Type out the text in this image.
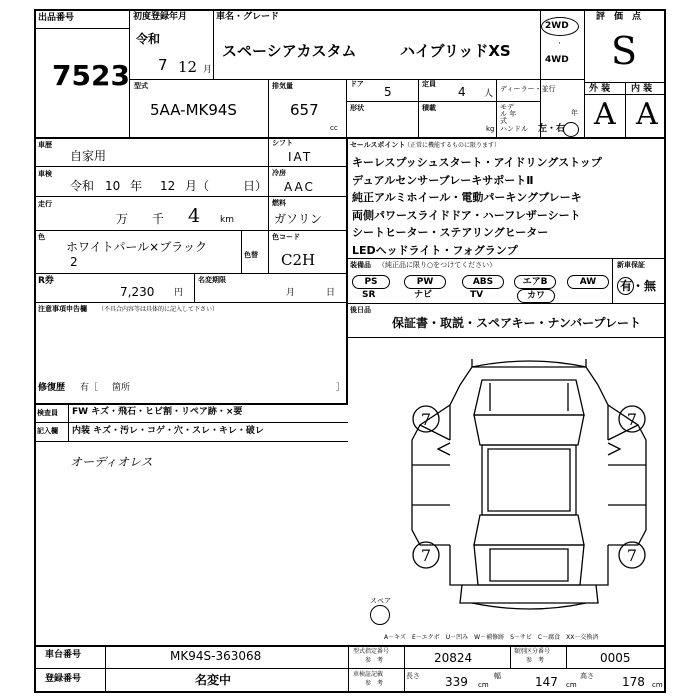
出品番号
7523
初度登録年月
令和
7 12 月
車名・グレード
スペーシアカスタム	ハイブリッドXS
2WD
·
4WD
評　価　点
S
外 装 内 装
A A
型式
5AA-MK94S
排気量
657
cc
ドア
5
定員
4 人
形状	積載
kg
ディーラー・並行
モデル 年式
年
ハンドル 左・右
車歴
自家用
車検
令和 10 年 12 月（	日）
走行
万 千 4 km
シフト
IAT
冷房
AAC
燃料
ガソリン
色
ホワイトパール×ブラック
2	色替
色コード
C2H
R券
7,230 円
名変期限
月	日
注意事項申告欄 （不具合内容等は具体的に記入して下さい）
修復歴 有［ 箇所	］
検査員
記入欄
FW キズ・飛石・ヒビ割・リペア跡・×要
内装 キズ・汚レ・コゲ・穴・スレ・キレ・破レ
オーディオレス
セールスポイント
（正常に機能するものに限ります）
キーレスプッシュスタート・アイドリングストップ
デュアルセンサーブレーキサポートⅡ
純正アルミホイール・電動パーキングブレーキ
両側パワースライドドア・ハーフレザーシート
シートヒーター・ステアリングヒーター
LEDヘッドライト・フォグランプ
装備品 （純正品に限り○をつけてください）
PS	PW	ABS	エアB	AW
SR	ナビ	TV	カワ
新車保証
有・無
後日品
保証書・取説・スペアキー・ナンバープレート
7	7
7	7
スペア
A－キズ　E－エクボ　U－凹み　W－補修跡　S－サビ　C－腐食　XX－交換済
車台番号	MK94S-363068
登録番号	名変中
型式指定番号
参　考	20824	類別区分番号
参　考	0005
車検証記載
参　考
長さ 339 cm
幅	147 cm
高さ 178 cm
